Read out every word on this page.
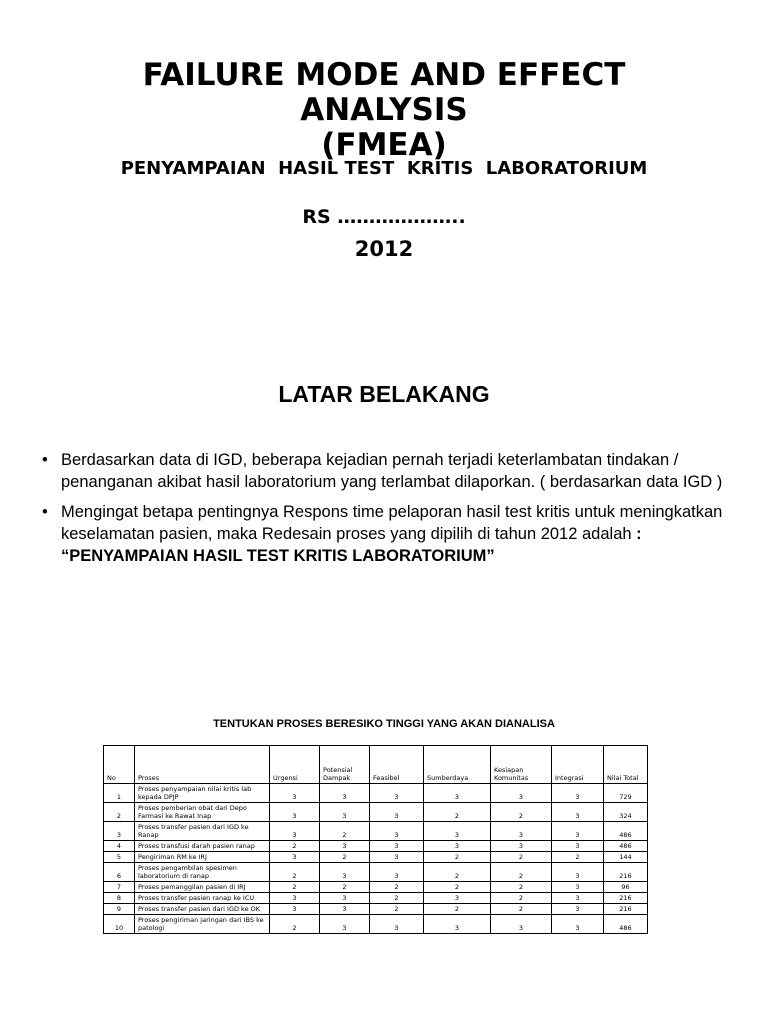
FAILURE MODE AND EFFECT
ANALYSIS
(FMEA)
PENYAMPAIAN  HASIL TEST  KRITIS  LABORATORIUM
RS ………………..
2012
LATAR BELAKANG
• Berdasarkan data di IGD, beberapa kejadian pernah terjadi keterlambatan tindakan / penanganan akibat hasil laboratorium yang terlambat dilaporkan. ( berdasarkan data IGD )
• Mengingat betapa pentingnya Respons time pelaporan hasil test kritis untuk meningkatkan keselamatan pasien, maka Redesain proses yang dipilih di tahun 2012 adalah : “PENYAMPAIAN HASIL TEST KRITIS LABORATORIUM”
TENTUKAN PROSES BERESIKO TINGGI YANG AKAN DIANALISA
No	Proses	Urgensi	Potensial Dampak	Feasibel	Sumberdaya	Kesiapan Komunitas	Integrasi	Nilai Total
1	Proses penyampaian nilai kritis lab kepada DPJP	3	3	3	3	3	3	729
2	Proses pemberian obat dari Depo Farmasi ke Rawat Inap	3	3	3	2	2	3	324
3	Proses transfer pasien dari IGD ke Ranap	3	2	3	3	3	3	486
4	Proses transfusi darah pasien ranap	2	3	3	3	3	3	486
5	Pengiriman RM ke IRJ	3	2	3	2	2	2	144
6	Proses pengambilan spesimen laboratorium di ranap	2	3	3	2	2	3	216
7	Proses pemanggilan pasien di IRJ	2	2	2	2	2	3	96
8	Proses transfer pasien ranap ke ICU	3	3	2	3	2	3	216
9	Proses transfer pasien dari IGD ke OK	3	3	2	2	2	3	216
10	Proses pengiriman jaringan dari IBS ke patologi	2	3	3	3	3	3	486
